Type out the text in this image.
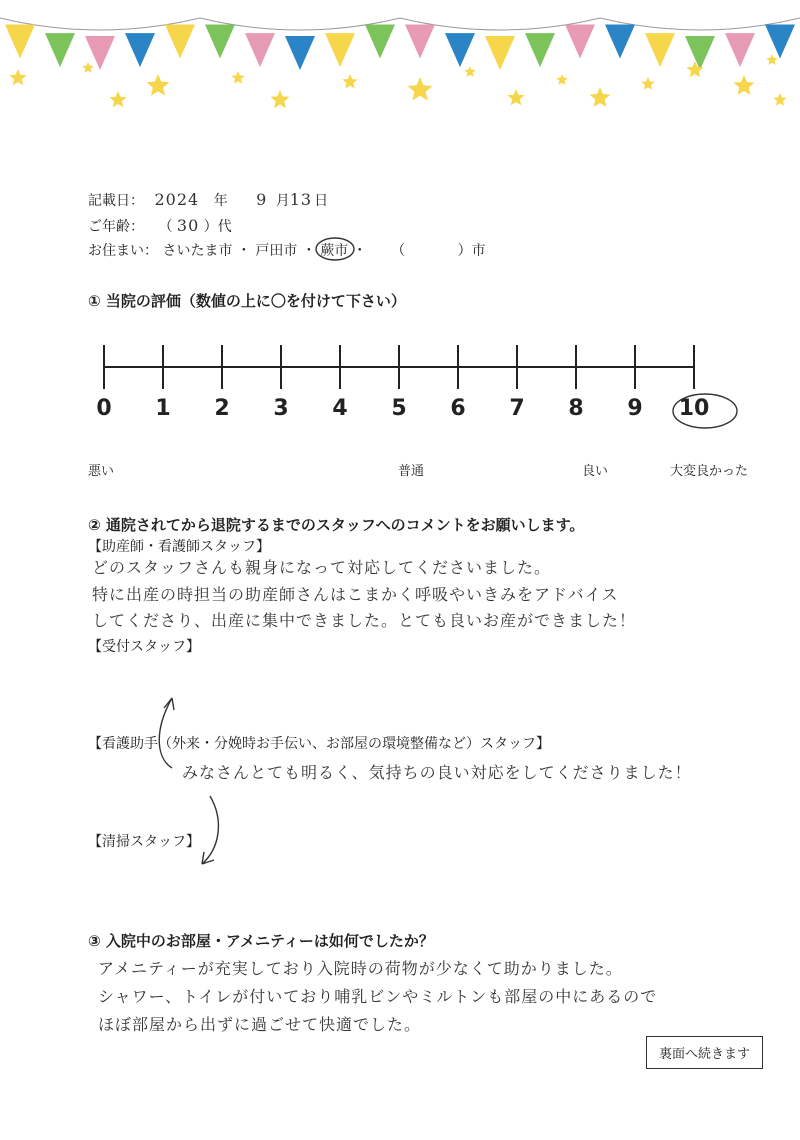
記載日： 2024 年 9 月13 日
ご年齢： （ 30 ）代
お住まい： さいたま市 ・ 戸田市 ・ 蕨市 ・ （	）市
① 当院の評価（数値の上に〇を付けて下さい）
0	1	2	3	4	5	6	7	8	9	10
悪い	普通	良い	大変良かった
② 通院されてから退院するまでのスタッフへのコメントをお願いします。
【助産師・看護師スタッフ】
どのスタッフさんも親身になって対応してくださいました。
特に出産の時担当の助産師さんはこまかく呼吸やいきみをアドバイス
してくださり、出産に集中できました。とても良いお産ができました！
【受付スタッフ】
【看護助手（外来・分娩時お手伝い、お部屋の環境整備など）スタッフ】
みなさんとても明るく、気持ちの良い対応をしてくださりました！
【清掃スタッフ】
③ 入院中のお部屋・アメニティーは如何でしたか？
アメニティーが充実しており入院時の荷物が少なくて助かりました。
シャワー、トイレが付いており哺乳ビンやミルトンも部屋の中にあるので
ほぼ部屋から出ずに過ごせて快適でした。
裏面へ続きます
